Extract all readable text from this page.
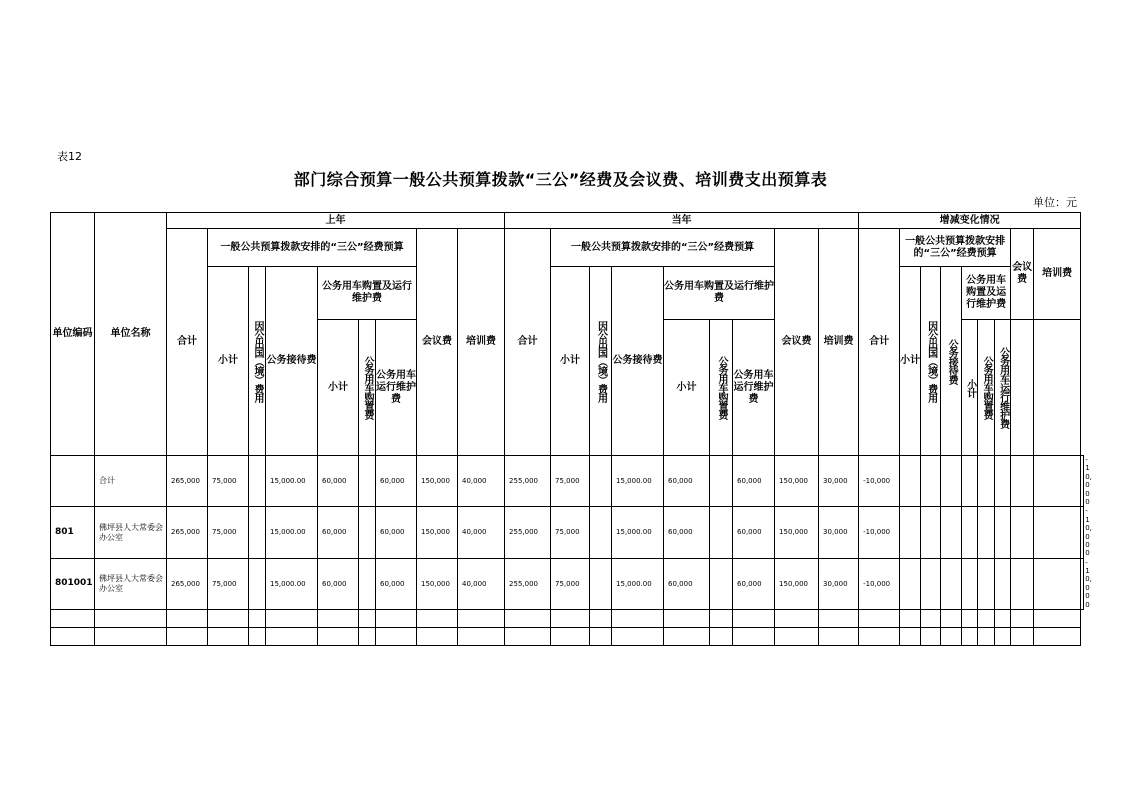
表12
部门综合预算一般公共预算拨款“三公”经费及会议费、培训费支出预算表
单位：元
单位编码	单位名称	上年									当年									增减变化情况									
		合计	一般公共预算拨款安排的“三公”经费预算						会议费	培训费	合计	一般公共预算拨款安排的“三公”经费预算						会议费	培训费	合计	一般公共预算拨款安排的“三公”经费预算						会议费	培训费	
			小计	因公出国（境）费用	公务接待费	公务用车购置及运行维护费						小计	因公出国（境）费用	公务接待费	公务用车购置及运行维护费						小计	因公出国（境）费用	公务接待费	公务用车购置及运行维护费					
						小计	公务用车购置费	公务用车运行维护费							小计	公务用车购置费	公务用车运行维护费							小计	公务用车购置费	公务用车运行维护费			
	合计	265,000	75,000		15,000.00	60,000		60,000	150,000	40,000	255,000	75,000		15,000.00	60,000		60,000	150,000	30,000	-10,000									-10,000
801	佛坪县人大常委会办公室	265,000	75,000		15,000.00	60,000		60,000	150,000	40,000	255,000	75,000		15,000.00	60,000		60,000	150,000	30,000	-10,000									-10,000
801001	佛坪县人大常委会办公室	265,000	75,000		15,000.00	60,000		60,000	150,000	40,000	255,000	75,000		15,000.00	60,000		60,000	150,000	30,000	-10,000									-10,000
